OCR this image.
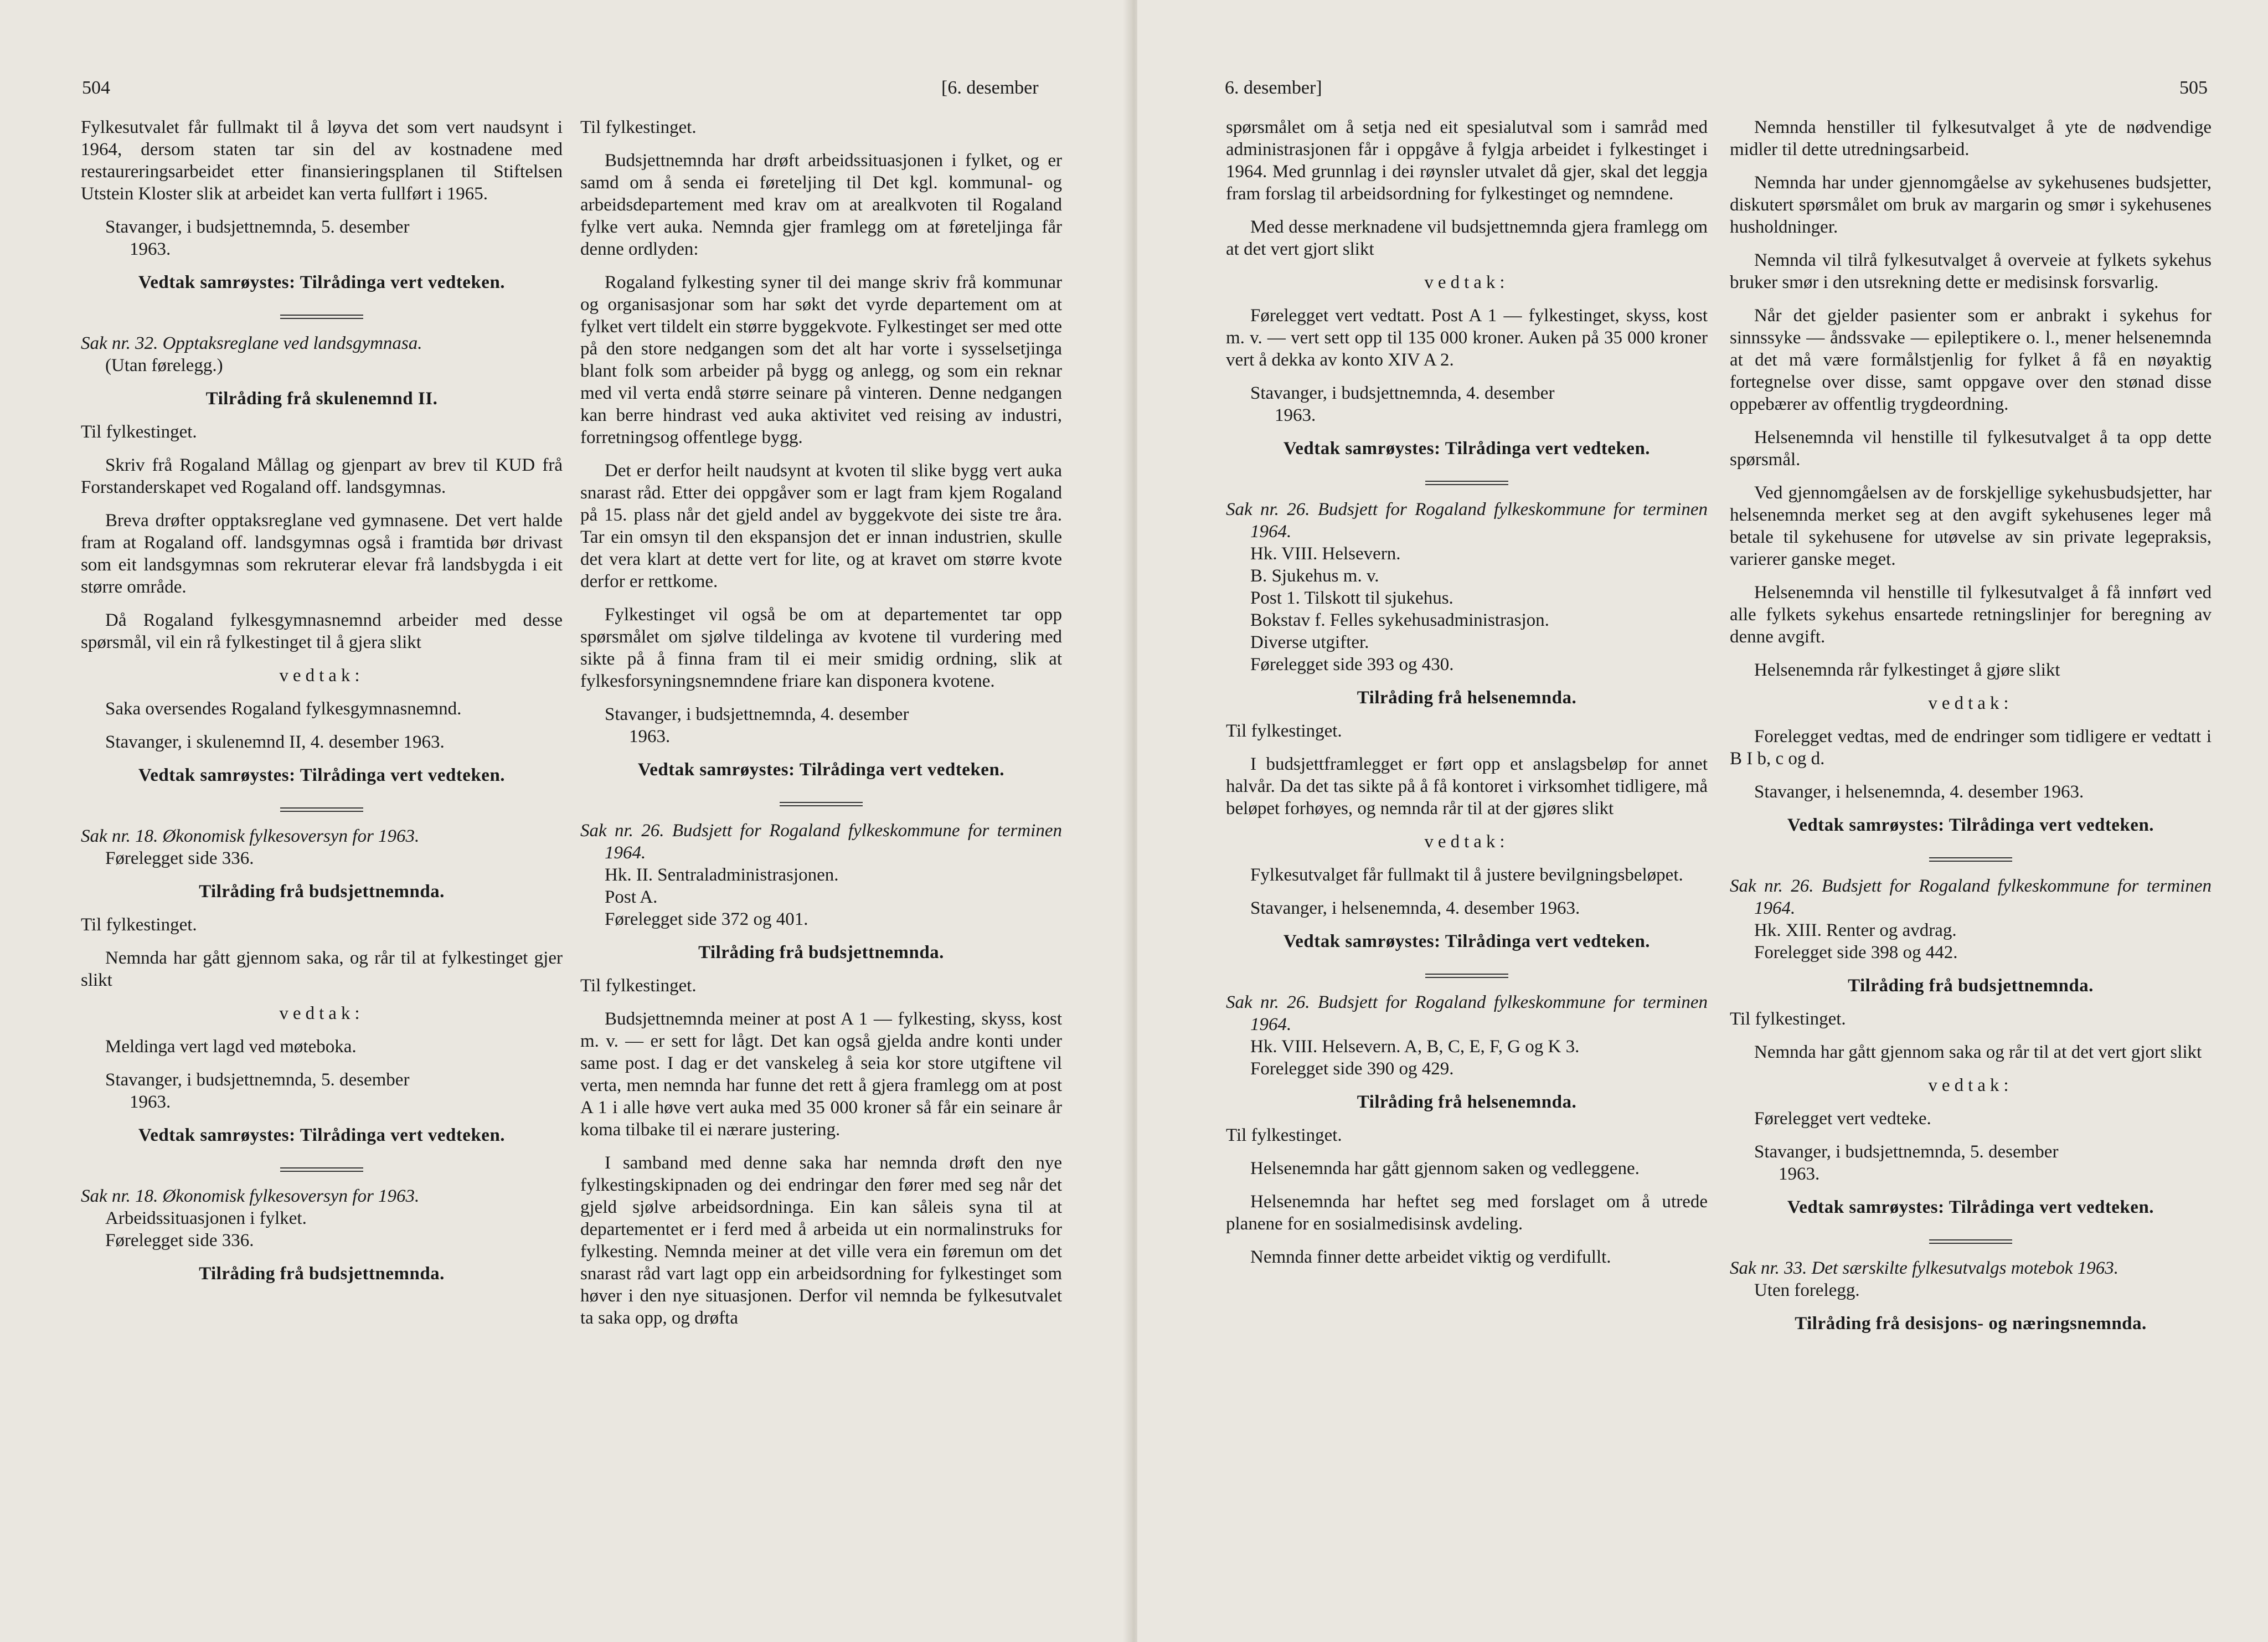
504	[6. desember

Fylkesutvalet får fullmakt til å løyva det som vert naudsynt i 1964, dersom staten tar sin del av kostnadene med restaureringsarbeidet etter finansieringsplanen til Stiftelsen Utstein Kloster slik at arbeidet kan verta fullført i 1965.

Stavanger, i budsjettnemnda, 5. desember
1963.
Vedtak samrøystes: Tilrådinga vert vedteken.
Sak nr. 32. Opptaksreglane ved landsgymnasa.
(Utan førelegg.)
Tilråding frå skulenemnd II.

Til fylkestinget.

Skriv frå Rogaland Mållag og gjenpart av brev til KUD frå Forstanderskapet ved Rogaland off. landsgymnas.

Breva drøfter opptaksreglane ved gymnasene. Det vert halde fram at Rogaland off. landsgymnas også i framtida bør drivast som eit landsgymnas som rekruterar elevar frå landsbygda i eit større område.

Då Rogaland fylkesgymnasnemnd arbeider med desse spørsmål, vil ein rå fylkestinget til å gjera slikt

vedtak:

Saka oversendes Rogaland fylkesgymnasnemnd.

Stavanger, i skulenemnd II, 4. desember 1963.
Vedtak samrøystes: Tilrådinga vert vedteken.
Sak nr. 18. Økonomisk fylkesoversyn for 1963.
Førelegget side 336.
Tilråding frå budsjettnemnda.

Til fylkestinget.

Nemnda har gått gjennom saka, og rår til at fylkestinget gjer slikt

vedtak:

Meldinga vert lagd ved møteboka.

Stavanger, i budsjettnemnda, 5. desember
1963.
Vedtak samrøystes: Tilrådinga vert vedteken.
Sak nr. 18. Økonomisk fylkesoversyn for 1963.
Arbeidssituasjonen i fylket.
Førelegget side 336.
Tilråding frå budsjettnemnda.

Til fylkestinget.

Budsjettnemnda har drøft arbeidssituasjonen i fylket, og er samd om å senda ei føreteljing til Det kgl. kommunal- og arbeidsdepartement med krav om at arealkvoten til Rogaland fylke vert auka. Nemnda gjer framlegg om at føreteljinga får denne ordlyden:

Rogaland fylkesting syner til dei mange skriv frå kommunar og organisasjonar som har søkt det vyrde departement om at fylket vert tildelt ein større byggekvote. Fylkestinget ser med otte på den store nedgangen som det alt har vorte i sysselsetjinga blant folk som arbeider på bygg og anlegg, og som ein reknar med vil verta endå større seinare på vinteren. Denne nedgangen kan berre hindrast ved auka aktivitet ved reising av industri, forretningsog offentlege bygg.

Det er derfor heilt naudsynt at kvoten til slike bygg vert auka snarast råd. Etter dei oppgåver som er lagt fram kjem Rogaland på 15. plass når det gjeld andel av byggekvote dei siste tre åra. Tar ein omsyn til den ekspansjon det er innan industrien, skulle det vera klart at dette vert for lite, og at kravet om større kvote derfor er rettkome.

Fylkestinget vil også be om at departementet tar opp spørsmålet om sjølve tildelinga av kvotene til vurdering med sikte på å finna fram til ei meir smidig ordning, slik at fylkesforsyningsnemndene friare kan disponera kvotene.

Stavanger, i budsjettnemnda, 4. desember
1963.
Vedtak samrøystes: Tilrådinga vert vedteken.
Sak nr. 26. Budsjett for Rogaland fylkeskommune for terminen 1964.
Hk. II. Sentraladministrasjonen.
Post A.
Førelegget side 372 og 401.
Tilråding frå budsjettnemnda.

Til fylkestinget.

Budsjettnemnda meiner at post A 1 — fylkesting, skyss, kost m. v. — er sett for lågt. Det kan også gjelda andre konti under same post. I dag er det vanskeleg å seia kor store utgiftene vil verta, men nemnda har funne det rett å gjera framlegg om at post A 1 i alle høve vert auka med 35 000 kroner så får ein seinare år koma tilbake til ei nærare justering.

I samband med denne saka har nemnda drøft den nye fylkestingskipnaden og dei endringar den fører med seg når det gjeld sjølve arbeidsordninga. Ein kan såleis syna til at departementet er i ferd med å arbeida ut ein normalinstruks for fylkesting. Nemnda meiner at det ville vera ein føremun om det snarast råd vart lagt opp ein arbeidsordning for fylkestinget som høver i den nye situasjonen. Derfor vil nemnda be fylkesutvalet ta saka opp, og drøfta

6. desember]	505

spørsmålet om å setja ned eit spesialutval som i samråd med administrasjonen får i oppgåve å fylgja arbeidet i fylkestinget i 1964. Med grunnlag i dei røynsler utvalet då gjer, skal det leggja fram forslag til arbeidsordning for fylkestinget og nemndene.

Med desse merknadene vil budsjettnemnda gjera framlegg om at det vert gjort slikt

vedtak:

Førelegget vert vedtatt. Post A 1 — fylkestinget, skyss, kost m. v. — vert sett opp til 135 000 kroner. Auken på 35 000 kroner vert å dekka av konto XIV A 2.

Stavanger, i budsjettnemnda, 4. desember
1963.
Vedtak samrøystes: Tilrådinga vert vedteken.
Sak nr. 26. Budsjett for Rogaland fylkeskommune for terminen 1964.
Hk. VIII. Helsevern.
B. Sjukehus m. v.
Post 1. Tilskott til sjukehus.
Bokstav f. Felles sykehusadministrasjon.
Diverse utgifter.
Førelegget side 393 og 430.
Tilråding frå helsenemnda.

Til fylkestinget.

I budsjettframlegget er ført opp et anslagsbeløp for annet halvår. Da det tas sikte på å få kontoret i virksomhet tidligere, må beløpet forhøyes, og nemnda rår til at der gjøres slikt

vedtak:

Fylkesutvalget får fullmakt til å justere bevilgningsbeløpet.

Stavanger, i helsenemnda, 4. desember 1963.
Vedtak samrøystes: Tilrådinga vert vedteken.
Sak nr. 26. Budsjett for Rogaland fylkeskommune for terminen 1964.
Hk. VIII. Helsevern. A, B, C, E, F, G og K 3.
Forelegget side 390 og 429.
Tilråding frå helsenemnda.

Til fylkestinget.

Helsenemnda har gått gjennom saken og vedleggene.

Helsenemnda har heftet seg med forslaget om å utrede planene for en sosialmedisinsk avdeling.

Nemnda finner dette arbeidet viktig og verdifullt.

Nemnda henstiller til fylkesutvalget å yte de nødvendige midler til dette utredningsarbeid.

Nemnda har under gjennomgåelse av sykehusenes budsjetter, diskutert spørsmålet om bruk av margarin og smør i sykehusenes husholdninger.

Nemnda vil tilrå fylkesutvalget å overveie at fylkets sykehus bruker smør i den utsrekning dette er medisinsk forsvarlig.

Når det gjelder pasienter som er anbrakt i sykehus for sinnssyke — åndssvake — epileptikere o. l., mener helsenemnda at det må være formålstjenlig for fylket å få en nøyaktig fortegnelse over disse, samt oppgave over den stønad disse oppebærer av offentlig trygdeordning.

Helsenemnda vil henstille til fylkesutvalget å ta opp dette spørsmål.

Ved gjennomgåelsen av de forskjellige sykehusbudsjetter, har helsenemnda merket seg at den avgift sykehusenes leger må betale til sykehusene for utøvelse av sin private legepraksis, varierer ganske meget.

Helsenemnda vil henstille til fylkesutvalget å få innført ved alle fylkets sykehus ensartede retningslinjer for beregning av denne avgift.

Helsenemnda rår fylkestinget å gjøre slikt

vedtak:

Forelegget vedtas, med de endringer som tidligere er vedtatt i B I b, c og d.

Stavanger, i helsenemnda, 4. desember 1963.
Vedtak samrøystes: Tilrådinga vert vedteken.
Sak nr. 26. Budsjett for Rogaland fylkeskommune for terminen 1964.
Hk. XIII. Renter og avdrag.
Forelegget side 398 og 442.
Tilråding frå budsjettnemnda.

Til fylkestinget.

Nemnda har gått gjennom saka og rår til at det vert gjort slikt

vedtak:

Førelegget vert vedteke.

Stavanger, i budsjettnemnda, 5. desember
1963.
Vedtak samrøystes: Tilrådinga vert vedteken.
Sak nr. 33. Det særskilte fylkesutvalgs motebok 1963.
Uten forelegg.
Tilråding frå desisjons- og næringsnemnda.
